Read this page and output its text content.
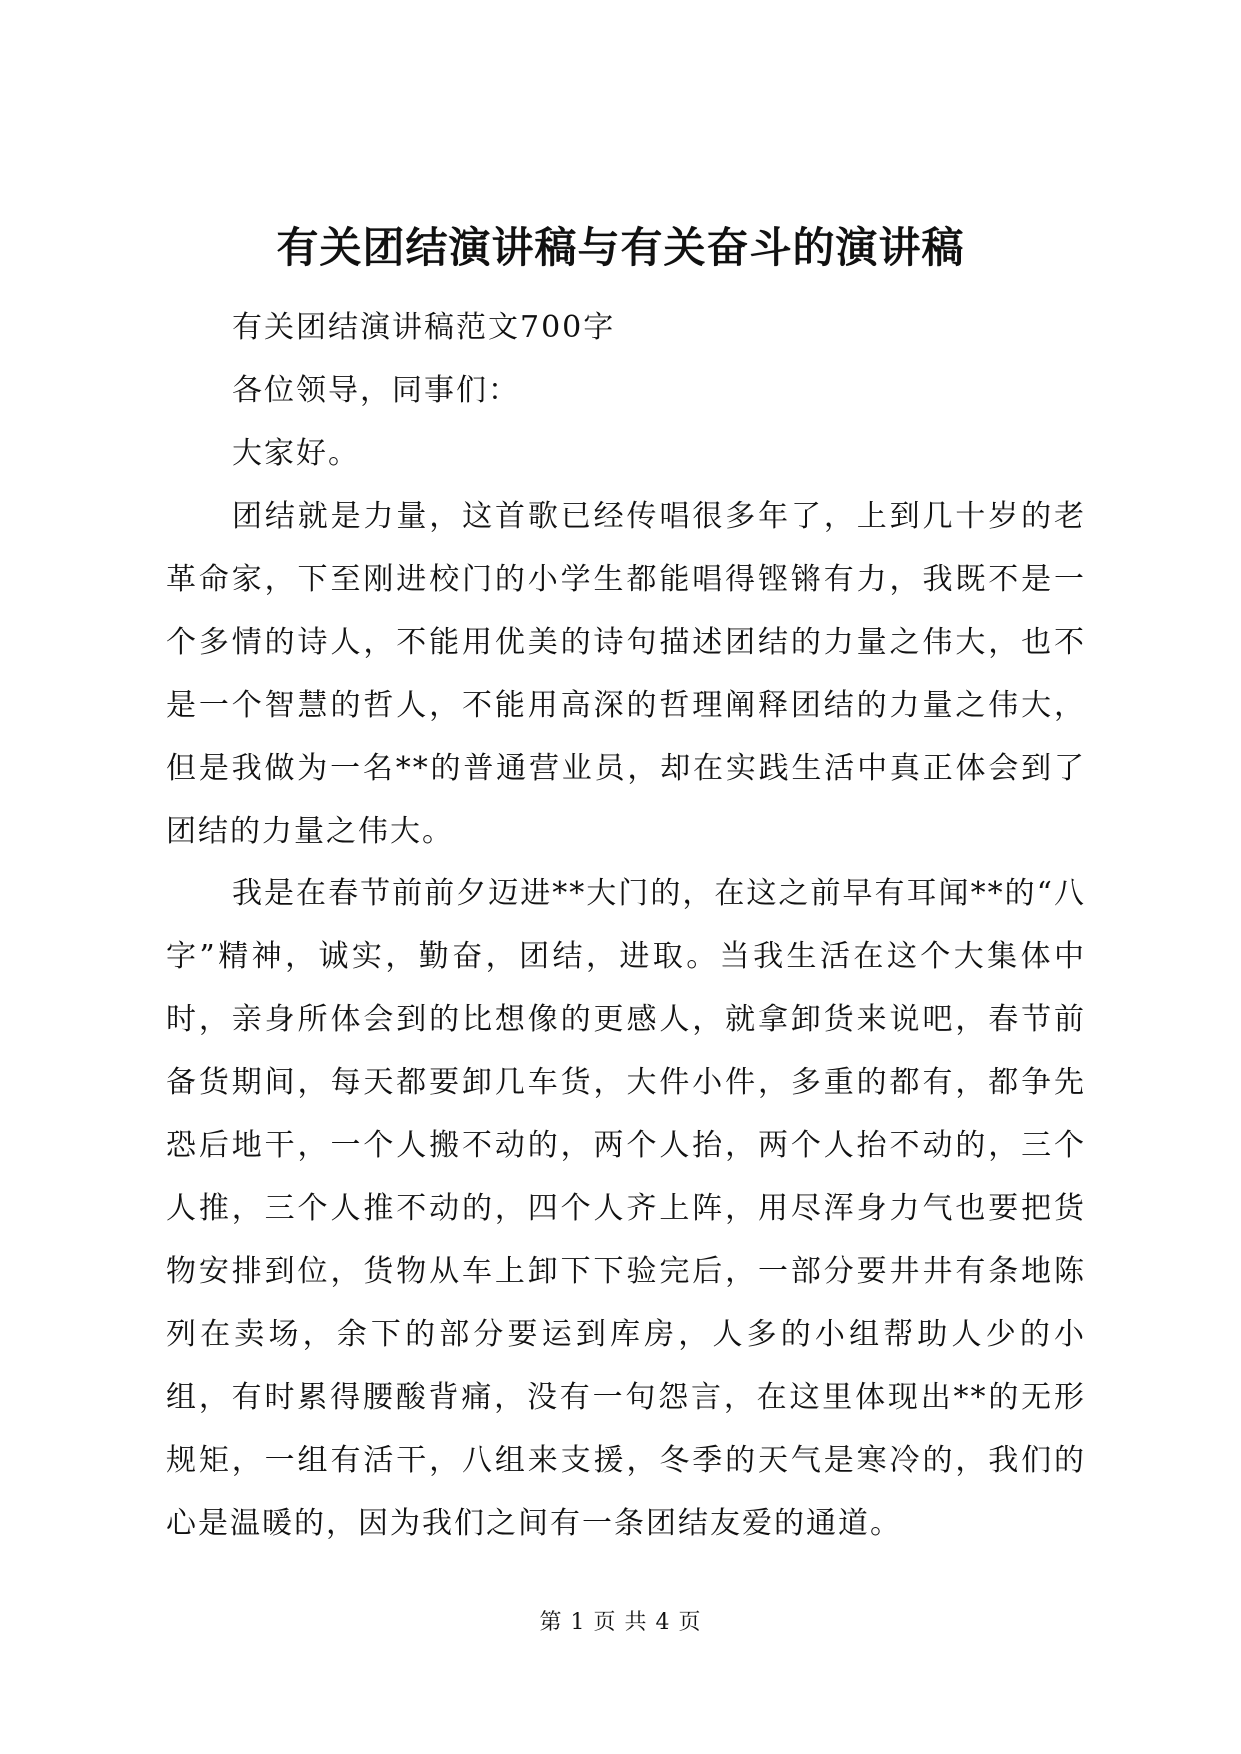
有关团结演讲稿与有关奋斗的演讲稿
有关团结演讲稿范文700字
各位领导，同事们：
大家好。
团结就是力量，这首歌已经传唱很多年了，上到几十岁的老革命家，下至刚进校门的小学生都能唱得铿锵有力，我既不是一个多情的诗人，不能用优美的诗句描述团结的力量之伟大，也不是一个智慧的哲人，不能用高深的哲理阐释团结的力量之伟大，但是我做为一名**的普通营业员，却在实践生活中真正体会到了团结的力量之伟大。
我是在春节前前夕迈进**大门的，在这之前早有耳闻**的“八字”精神，诚实，勤奋，团结，进取。当我生活在这个大集体中时，亲身所体会到的比想像的更感人，就拿卸货来说吧，春节前备货期间，每天都要卸几车货，大件小件，多重的都有，都争先恐后地干，一个人搬不动的，两个人抬，两个人抬不动的，三个人推，三个人推不动的，四个人齐上阵，用尽浑身力气也要把货物安排到位，货物从车上卸下下验完后，一部分要井井有条地陈列在卖场，余下的部分要运到库房，人多的小组帮助人少的小组，有时累得腰酸背痛，没有一句怨言，在这里体现出**的无形规矩，一组有活干，八组来支援，冬季的天气是寒冷的，我们的心是温暖的，因为我们之间有一条团结友爱的通道。
第 1 页 共 4 页
